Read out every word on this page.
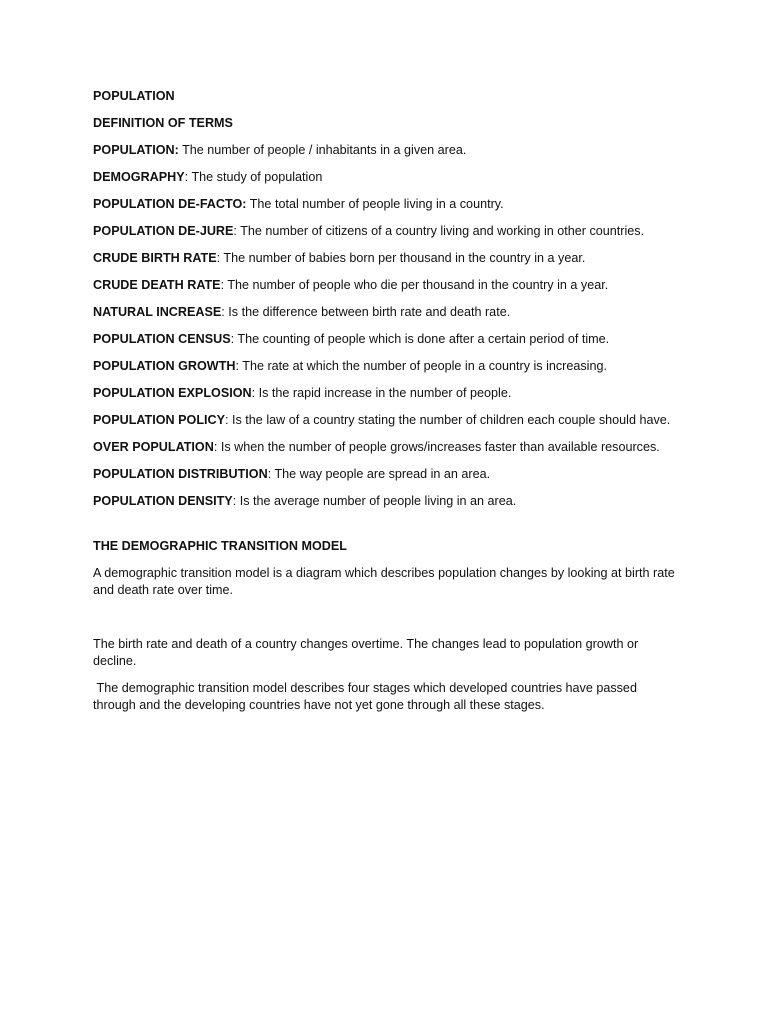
POPULATION

DEFINITION OF TERMS

POPULATION: The number of people / inhabitants in a given area.

DEMOGRAPHY: The study of population

POPULATION DE-FACTO: The total number of people living in a country.

POPULATION DE-JURE: The number of citizens of a country living and working in other countries.

CRUDE BIRTH RATE: The number of babies born per thousand in the country in a year.

CRUDE DEATH RATE: The number of people who die per thousand in the country in a year.

NATURAL INCREASE: Is the difference between birth rate and death rate.

POPULATION CENSUS: The counting of people which is done after a certain period of time.

POPULATION GROWTH: The rate at which the number of people in a country is increasing.

POPULATION EXPLOSION: Is the rapid increase in the number of people.

POPULATION POLICY: Is the law of a country stating the number of children each couple should have.

OVER POPULATION: Is when the number of people grows/increases faster than available resources.

POPULATION DISTRIBUTION: The way people are spread in an area.

POPULATION DENSITY: Is the average number of people living in an area.

THE DEMOGRAPHIC TRANSITION MODEL

A demographic transition model is a diagram which describes population changes by looking at birth rate and death rate over time.

The birth rate and death of a country changes overtime. The changes lead to population growth or decline.

The demographic transition model describes four stages which developed countries have passed through and the developing countries have not yet gone through all these stages.
